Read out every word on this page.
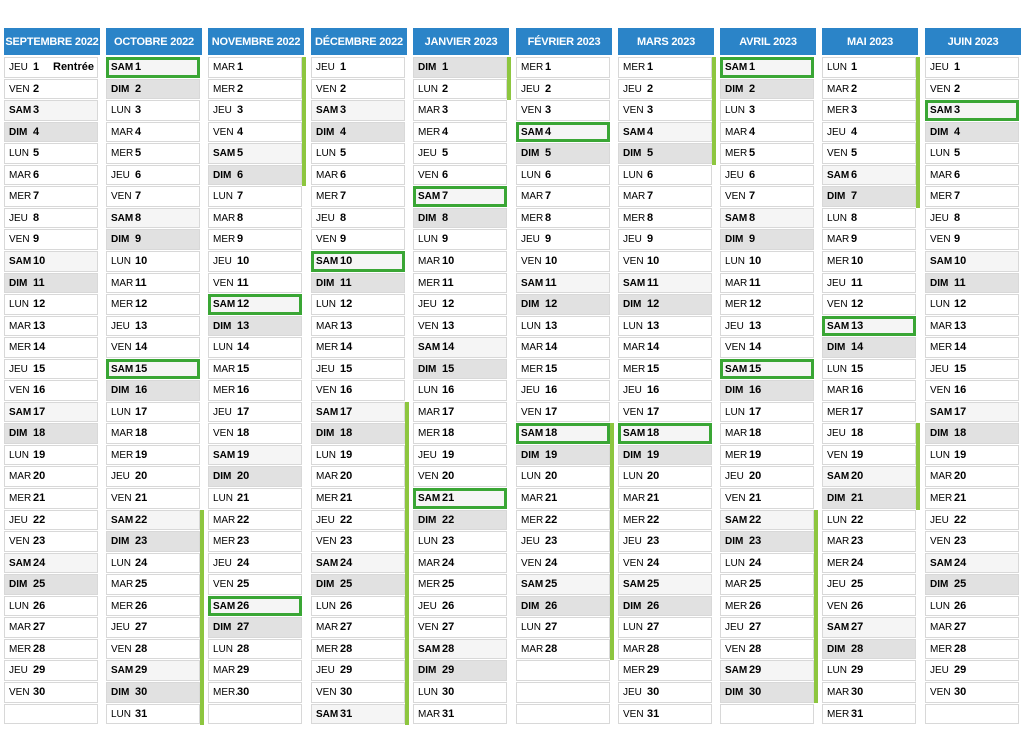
SEPTEMBRE 2022
JEU 1 Rentrée
VEN 2
SAM 3
DIM 4
LUN 5
MAR 6
MER 7
JEU 8
VEN 9
SAM 10
DIM 11
LUN 12
MAR 13
MER 14
JEU 15
VEN 16
SAM 17
DIM 18
LUN 19
MAR 20
MER 21
JEU 22
VEN 23
SAM 24
DIM 25
LUN 26
MAR 27
MER 28
JEU 29
VEN 30
OCTOBRE 2022
SAM 1
DIM 2
LUN 3
MAR 4
MER 5
JEU 6
VEN 7
SAM 8
DIM 9
LUN 10
MAR 11
MER 12
JEU 13
VEN 14
SAM 15
DIM 16
LUN 17
MAR 18
MER 19
JEU 20
VEN 21
SAM 22
DIM 23
LUN 24
MAR 25
MER 26
JEU 27
VEN 28
SAM 29
DIM 30
LUN 31
NOVEMBRE 2022
MAR 1
MER 2
JEU 3
VEN 4
SAM 5
DIM 6
LUN 7
MAR 8
MER 9
JEU 10
VEN 11
SAM 12
DIM 13
LUN 14
MAR 15
MER 16
JEU 17
VEN 18
SAM 19
DIM 20
LUN 21
MAR 22
MER 23
JEU 24
VEN 25
SAM 26
DIM 27
LUN 28
MAR 29
MER. 30
DÉCEMBRE 2022
JEU 1
VEN 2
SAM 3
DIM 4
LUN 5
MAR 6
MER 7
JEU 8
VEN 9
SAM 10
DIM 11
LUN 12
MAR 13
MER 14
JEU 15
VEN 16
SAM 17
DIM 18
LUN 19
MAR 20
MER 21
JEU 22
VEN 23
SAM 24
DIM 25
LUN 26
MAR 27
MER 28
JEU 29
VEN 30
SAM 31
JANVIER 2023
DIM 1
LUN 2
MAR 3
MER 4
JEU 5
VEN 6
SAM 7
DIM 8
LUN 9
MAR 10
MER 11
JEU 12
VEN 13
SAM 14
DIM 15
LUN 16
MAR 17
MER 18
JEU 19
VEN 20
SAM 21
DIM 22
LUN 23
MAR 24
MER 25
JEU 26
VEN 27
SAM 28
DIM 29
LUN 30
MAR 31
FÉVRIER 2023
MER 1
JEU 2
VEN 3
SAM 4
DIM 5
LUN 6
MAR 7
MER 8
JEU 9
VEN 10
SAM 11
DIM 12
LUN 13
MAR 14
MER 15
JEU 16
VEN 17
SAM 18
DIM 19
LUN 20
MAR 21
MER 22
JEU 23
VEN 24
SAM 25
DIM 26
LUN 27
MAR 28
MARS 2023
MER 1
JEU 2
VEN 3
SAM 4
DIM 5
LUN 6
MAR 7
MER 8
JEU 9
VEN 10
SAM 11
DIM 12
LUN 13
MAR 14
MER 15
JEU 16
VEN 17
SAM 18
DIM 19
LUN 20
MAR 21
MER 22
JEU 23
VEN 24
SAM 25
DIM 26
LUN 27
MAR 28
MER 29
JEU 30
VEN 31
AVRIL 2023
SAM 1
DIM 2
LUN 3
MAR 4
MER 5
JEU 6
VEN 7
SAM 8
DIM 9
LUN 10
MAR 11
MER 12
JEU 13
VEN 14
SAM 15
DIM 16
LUN 17
MAR 18
MER 19
JEU 20
VEN 21
SAM 22
DIM 23
LUN 24
MAR 25
MER 26
JEU 27
VEN 28
SAM 29
DIM 30
MAI 2023
LUN 1
MAR 2
MER 3
JEU 4
VEN 5
SAM 6
DIM 7
LUN 8
MAR 9
MER 10
JEU 11
VEN 12
SAM 13
DIM 14
LUN 15
MAR 16
MER 17
JEU 18
VEN 19
SAM 20
DIM 21
LUN 22
MAR 23
MER 24
JEU 25
VEN 26
SAM 27
DIM 28
LUN 29
MAR 30
MER 31
JUIN 2023
JEU 1
VEN 2
SAM 3
DIM 4
LUN 5
MAR 6
MER 7
JEU 8
VEN 9
SAM 10
DIM 11
LUN 12
MAR 13
MER 14
JEU 15
VEN 16
SAM 17
DIM 18
LUN 19
MAR 20
MER 21
JEU 22
VEN 23
SAM 24
DIM 25
LUN 26
MAR 27
MER 28
JEU 29
VEN 30
